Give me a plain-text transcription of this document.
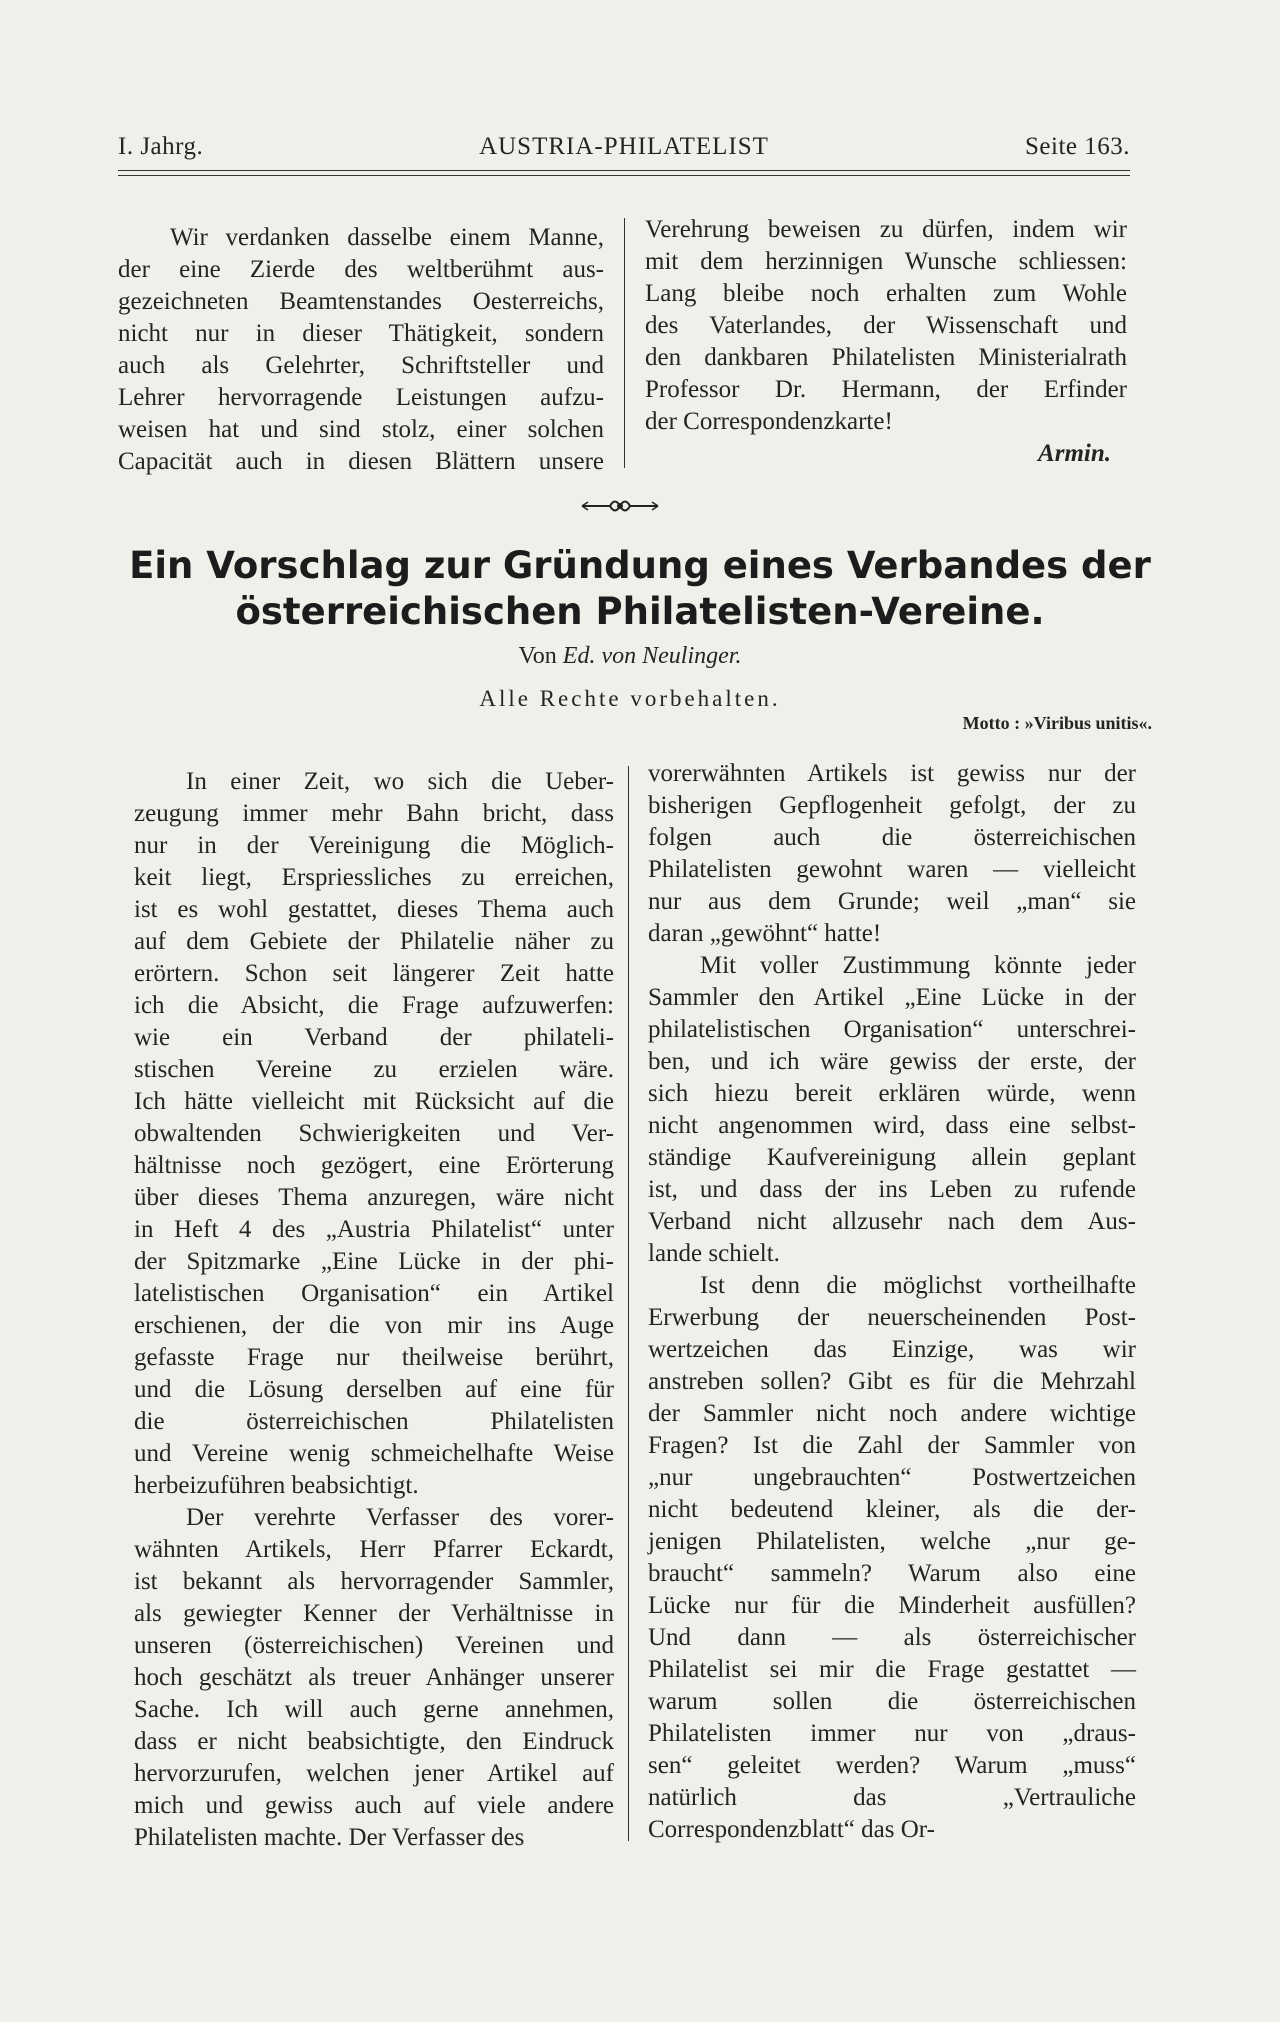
I. Jahrg.	AUSTRIA-PHILATELIST	Seite 163.
Wir verdanken dasselbe einem Manne,
der eine Zierde des weltberühmt aus-
gezeichneten Beamtenstandes Oesterreichs,
nicht nur in dieser Thätigkeit, sondern
auch als Gelehrter, Schriftsteller und
Lehrer hervorragende Leistungen aufzu-
weisen hat und sind stolz, einer solchen
Capacität auch in diesen Blättern unsere
Verehrung beweisen zu dürfen, indem wir
mit dem herzinnigen Wunsche schliessen:
Lang bleibe noch erhalten zum Wohle
des Vaterlandes, der Wissenschaft und
den dankbaren Philatelisten Ministerialrath
Professor Dr. Hermann, der Erfinder
der Correspondenzkarte!
Armin.
Ein Vorschlag zur Gründung eines Verbandes der
österreichischen Philatelisten-Vereine.
Von Ed. von Neulinger.
Alle Rechte vorbehalten.
Motto : »Viribus unitis«.
In einer Zeit, wo sich die Ueber-
zeugung immer mehr Bahn bricht, dass
nur in der Vereinigung die Möglich-
keit liegt, Erspriessliches zu erreichen,
ist es wohl gestattet, dieses Thema auch
auf dem Gebiete der Philatelie näher zu
erörtern. Schon seit längerer Zeit hatte
ich die Absicht, die Frage aufzuwerfen:
wie ein Verband der philateli-
stischen Vereine zu erzielen wäre.
Ich hätte vielleicht mit Rücksicht auf die
obwaltenden Schwierigkeiten und Ver-
hältnisse noch gezögert, eine Erörterung
über dieses Thema anzuregen, wäre nicht
in Heft 4 des „Austria Philatelist“ unter
der Spitzmarke „Eine Lücke in der phi-
latelistischen Organisation“ ein Artikel
erschienen, der die von mir ins Auge
gefasste Frage nur theilweise berührt,
und die Lösung derselben auf eine für
die österreichischen Philatelisten
und Vereine wenig schmeichelhafte Weise
herbeizuführen beabsichtigt.
Der verehrte Verfasser des vorer-
wähnten Artikels, Herr Pfarrer Eckardt,
ist bekannt als hervorragender Sammler,
als gewiegter Kenner der Verhältnisse in
unseren (österreichischen) Vereinen und
hoch geschätzt als treuer Anhänger unserer
Sache. Ich will auch gerne annehmen,
dass er nicht beabsichtigte, den Eindruck
hervorzurufen, welchen jener Artikel auf
mich und gewiss auch auf viele andere
Philatelisten machte. Der Verfasser des
vorerwähnten Artikels ist gewiss nur der
bisherigen Gepflogenheit gefolgt, der zu
folgen auch die österreichischen
Philatelisten gewohnt waren — vielleicht
nur aus dem Grunde; weil „man“ sie
daran „gewöhnt“ hatte!
Mit voller Zustimmung könnte jeder
Sammler den Artikel „Eine Lücke in der
philatelistischen Organisation“ unterschrei-
ben, und ich wäre gewiss der erste, der
sich hiezu bereit erklären würde, wenn
nicht angenommen wird, dass eine selbst-
ständige Kaufvereinigung allein geplant
ist, und dass der ins Leben zu rufende
Verband nicht allzusehr nach dem Aus-
lande schielt.
Ist denn die möglichst vortheilhafte
Erwerbung der neuerscheinenden Post-
wertzeichen das Einzige, was wir
anstreben sollen? Gibt es für die Mehrzahl
der Sammler nicht noch andere wichtige
Fragen? Ist die Zahl der Sammler von
„nur ungebrauchten“ Postwertzeichen
nicht bedeutend kleiner, als die der-
jenigen Philatelisten, welche „nur ge-
braucht“ sammeln? Warum also eine
Lücke nur für die Minderheit ausfüllen?
Und dann — als österreichischer
Philatelist sei mir die Frage gestattet —
warum sollen die österreichischen
Philatelisten immer nur von „draus-
sen“ geleitet werden? Warum „muss“
natürlich das „Vertrauliche
Correspondenzblatt“ das Or-
